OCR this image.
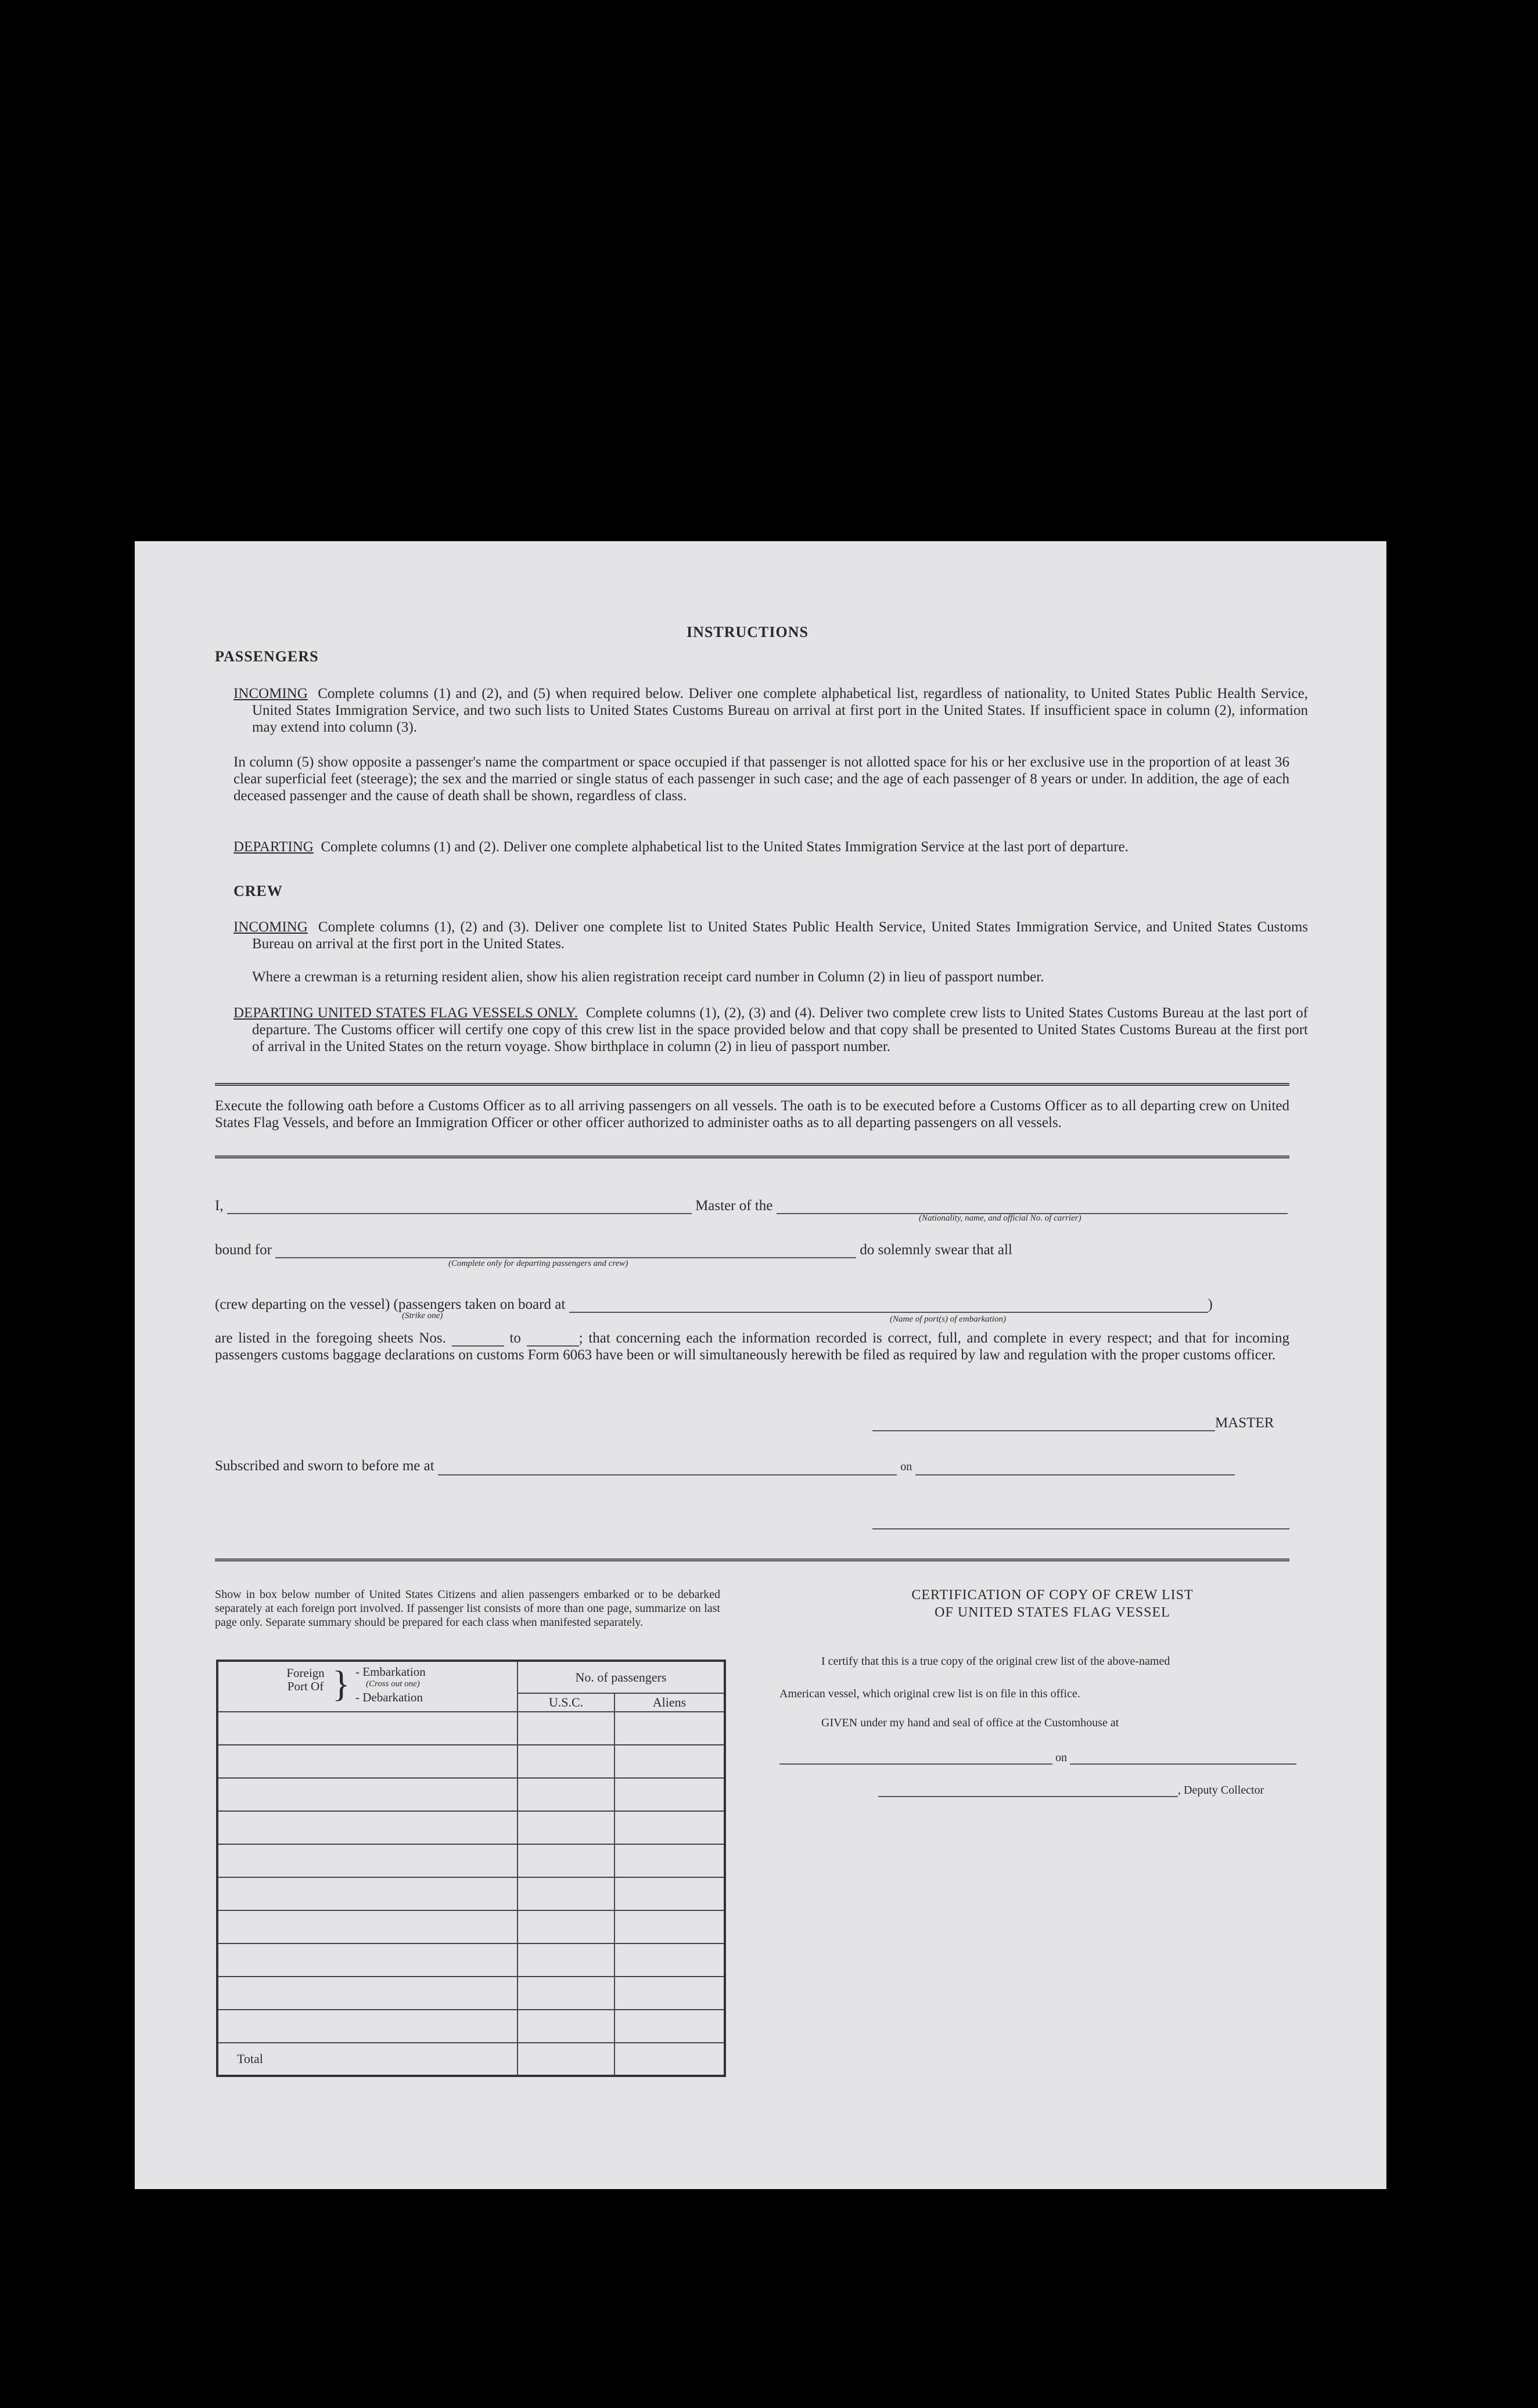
INSTRUCTIONS
PASSENGERS
INCOMING Complete columns (1) and (2), and (5) when required below. Deliver one complete alphabetical list, regardless of nationality, to United States Public Health Service, United States Immigration Service, and two such lists to United States Customs Bureau on arrival at first port in the United States. If insufficient space in column (2), information may extend into column (3).
In column (5) show opposite a passenger's name the compartment or space occupied if that passenger is not allotted space for his or her exclusive use in the proportion of at least 36 clear superficial feet (steerage); the sex and the married or single status of each passenger in such case; and the age of each passenger of 8 years or under. In addition, the age of each deceased passenger and the cause of death shall be shown, regardless of class.
DEPARTING Complete columns (1) and (2). Deliver one complete alphabetical list to the United States Immigration Service at the last port of departure.
CREW
INCOMING Complete columns (1), (2) and (3). Deliver one complete list to United States Public Health Service, United States Immigration Service, and United States Customs Bureau on arrival at the first port in the United States.
Where a crewman is a returning resident alien, show his alien registration receipt card number in Column (2) in lieu of passport number.
DEPARTING UNITED STATES FLAG VESSELS ONLY. Complete columns (1), (2), (3) and (4). Deliver two complete crew lists to United States Customs Bureau at the last port of departure. The Customs officer will certify one copy of this crew list in the space provided below and that copy shall be presented to United States Customs Bureau at the first port of arrival in the United States on the return voyage. Show birthplace in column (2) in lieu of passport number.
Execute the following oath before a Customs Officer as to all arriving passengers on all vessels. The oath is to be executed before a Customs Officer as to all departing crew on United States Flag Vessels, and before an Immigration Officer or other officer authorized to administer oaths as to all departing passengers on all vessels.
I,	Master of the
(Nationality, name, and official No. of carrier)
bound for	do solemnly swear that all
(Complete only for departing passengers and crew)
(crew departing on the vessel) (passengers taken on board at	)
(Strike one)	(Name of port(s) of embarkation)
are listed in the foregoing sheets Nos.	to	; that concerning each the information recorded is correct, full, and complete in every respect; and that for incoming passengers customs baggage declarations on customs Form 6063 have been or will simultaneously herewith be filed as required by law and regulation with the proper customs officer.
MASTER
Subscribed and sworn to before me at	on
Show in box below number of United States Citizens and alien passengers embarked or to be debarked separately at each foreign port involved. If passenger list consists of more than one page, summarize on last page only. Separate summary should be prepared for each class when manifested separately.
Foreign Port Of } - Embarkation
(Cross out one)
- Debarkation	No. of passengers	
	U.S.C.	Aliens

Total		
CERTIFICATION OF COPY OF CREW LIST
OF UNITED STATES FLAG VESSEL
I certify that this is a true copy of the original crew list of the above-named
American vessel, which original crew list is on file in this office.
GIVEN under my hand and seal of office at the Customhouse at
on
, Deputy Collector
